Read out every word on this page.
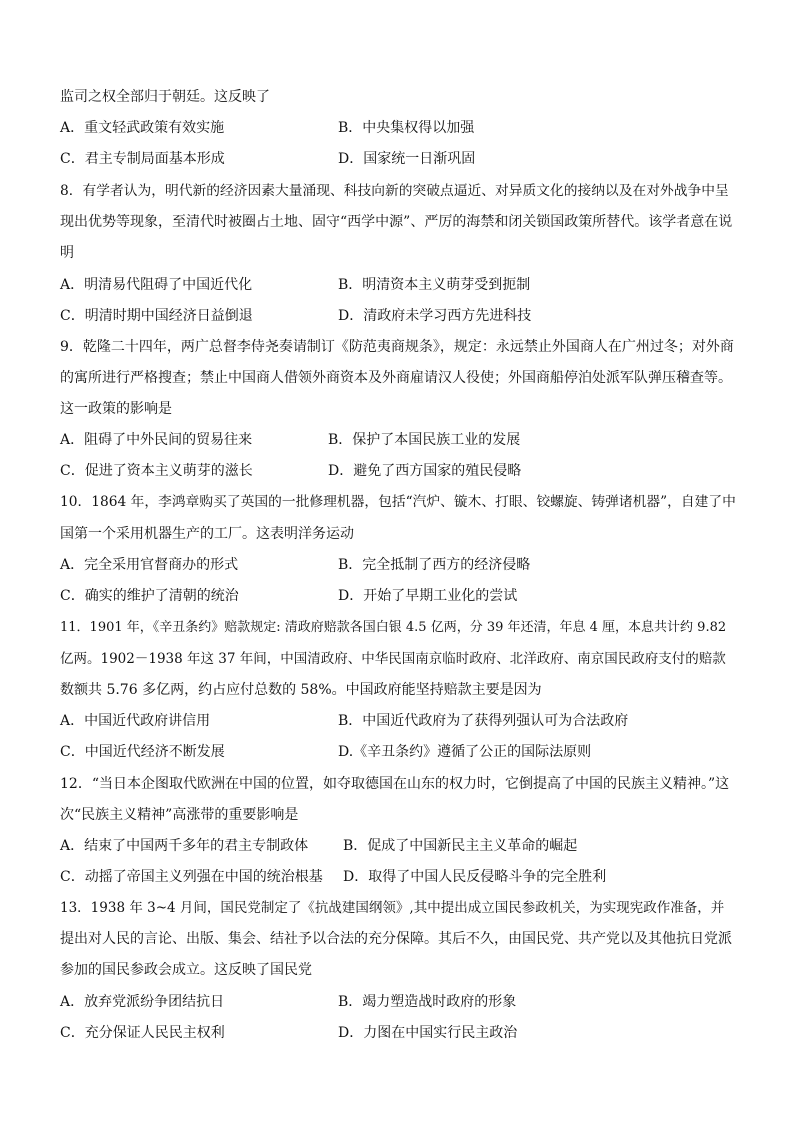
监司之权全部归于朝廷。这反映了
A．重文轻武政策有效实施	B．中央集权得以加强
C．君主专制局面基本形成	D．国家统一日渐巩固
8．有学者认为，明代新的经济因素大量涌现、科技向新的突破点逼近、对异质文化的接纳以及在对外战争中呈
现出优势等现象，至清代时被圈占土地、固守“西学中源”、严厉的海禁和闭关锁国政策所替代。该学者意在说
明
A．明清易代阻碍了中国近代化	B．明清资本主义萌芽受到扼制
C．明清时期中国经济日益倒退	D．清政府未学习西方先进科技
9．乾隆二十四年，两广总督李侍尧奏请制订《防范夷商规条》，规定：永远禁止外国商人在广州过冬；对外商
的寓所进行严格搜查；禁止中国商人借领外商资本及外商雇请汉人役使；外国商船停泊处派军队弹压稽查等。
这一政策的影响是
A．阻碍了中外民间的贸易往来	B．保护了本国民族工业的发展
C．促进了资本主义萌芽的滋长	D．避免了西方国家的殖民侵略
10．1864 年，李鸿章购买了英国的一批修理机器，包括“汽炉、镟木、打眼、铰螺旋、铸弹诸机器”，自建了中
国第一个采用机器生产的工厂。这表明洋务运动
A．完全采用官督商办的形式	B．完全抵制了西方的经济侵略
C．确实的维护了清朝的统治	D．开始了早期工业化的尝试
11．1901 年，《辛丑条约》赔款规定: 清政府赔款各国白银 4.5 亿两，分 39 年还清，年息 4 厘，本息共计约 9.82
亿两。1902－1938 年这 37 年间，中国清政府、中华民国南京临时政府、北洋政府、南京国民政府支付的赔款
数额共 5.76 多亿两，约占应付总数的 58%。中国政府能坚持赔款主要是因为
A．中国近代政府讲信用	B．中国近代政府为了获得列强认可为合法政府
C．中国近代经济不断发展	D.《辛丑条约》遵循了公正的国际法原则
12．“当日本企图取代欧洲在中国的位置，如夺取德国在山东的权力时，它倒提高了中国的民族主义精神。”这
次“民族主义精神”高涨带的重要影响是
A．结束了中国两千多年的君主专制政体 B．促成了中国新民主主义革命的崛起
C．动摇了帝国主义列强在中国的统治根基 D．取得了中国人民反侵略斗争的完全胜利
13．1938 年 3~4 月间，国民党制定了《抗战建国纲领》,其中提出成立国民参政机关，为实现宪政作准备，并
提出对人民的言论、出版、集会、结社予以合法的充分保障。其后不久，由国民党、共产党以及其他抗日党派
参加的国民参政会成立。这反映了国民党
A．放弃党派纷争团结抗日	B．竭力塑造战时政府的形象
C．充分保证人民民主权利	D．力图在中国实行民主政治
